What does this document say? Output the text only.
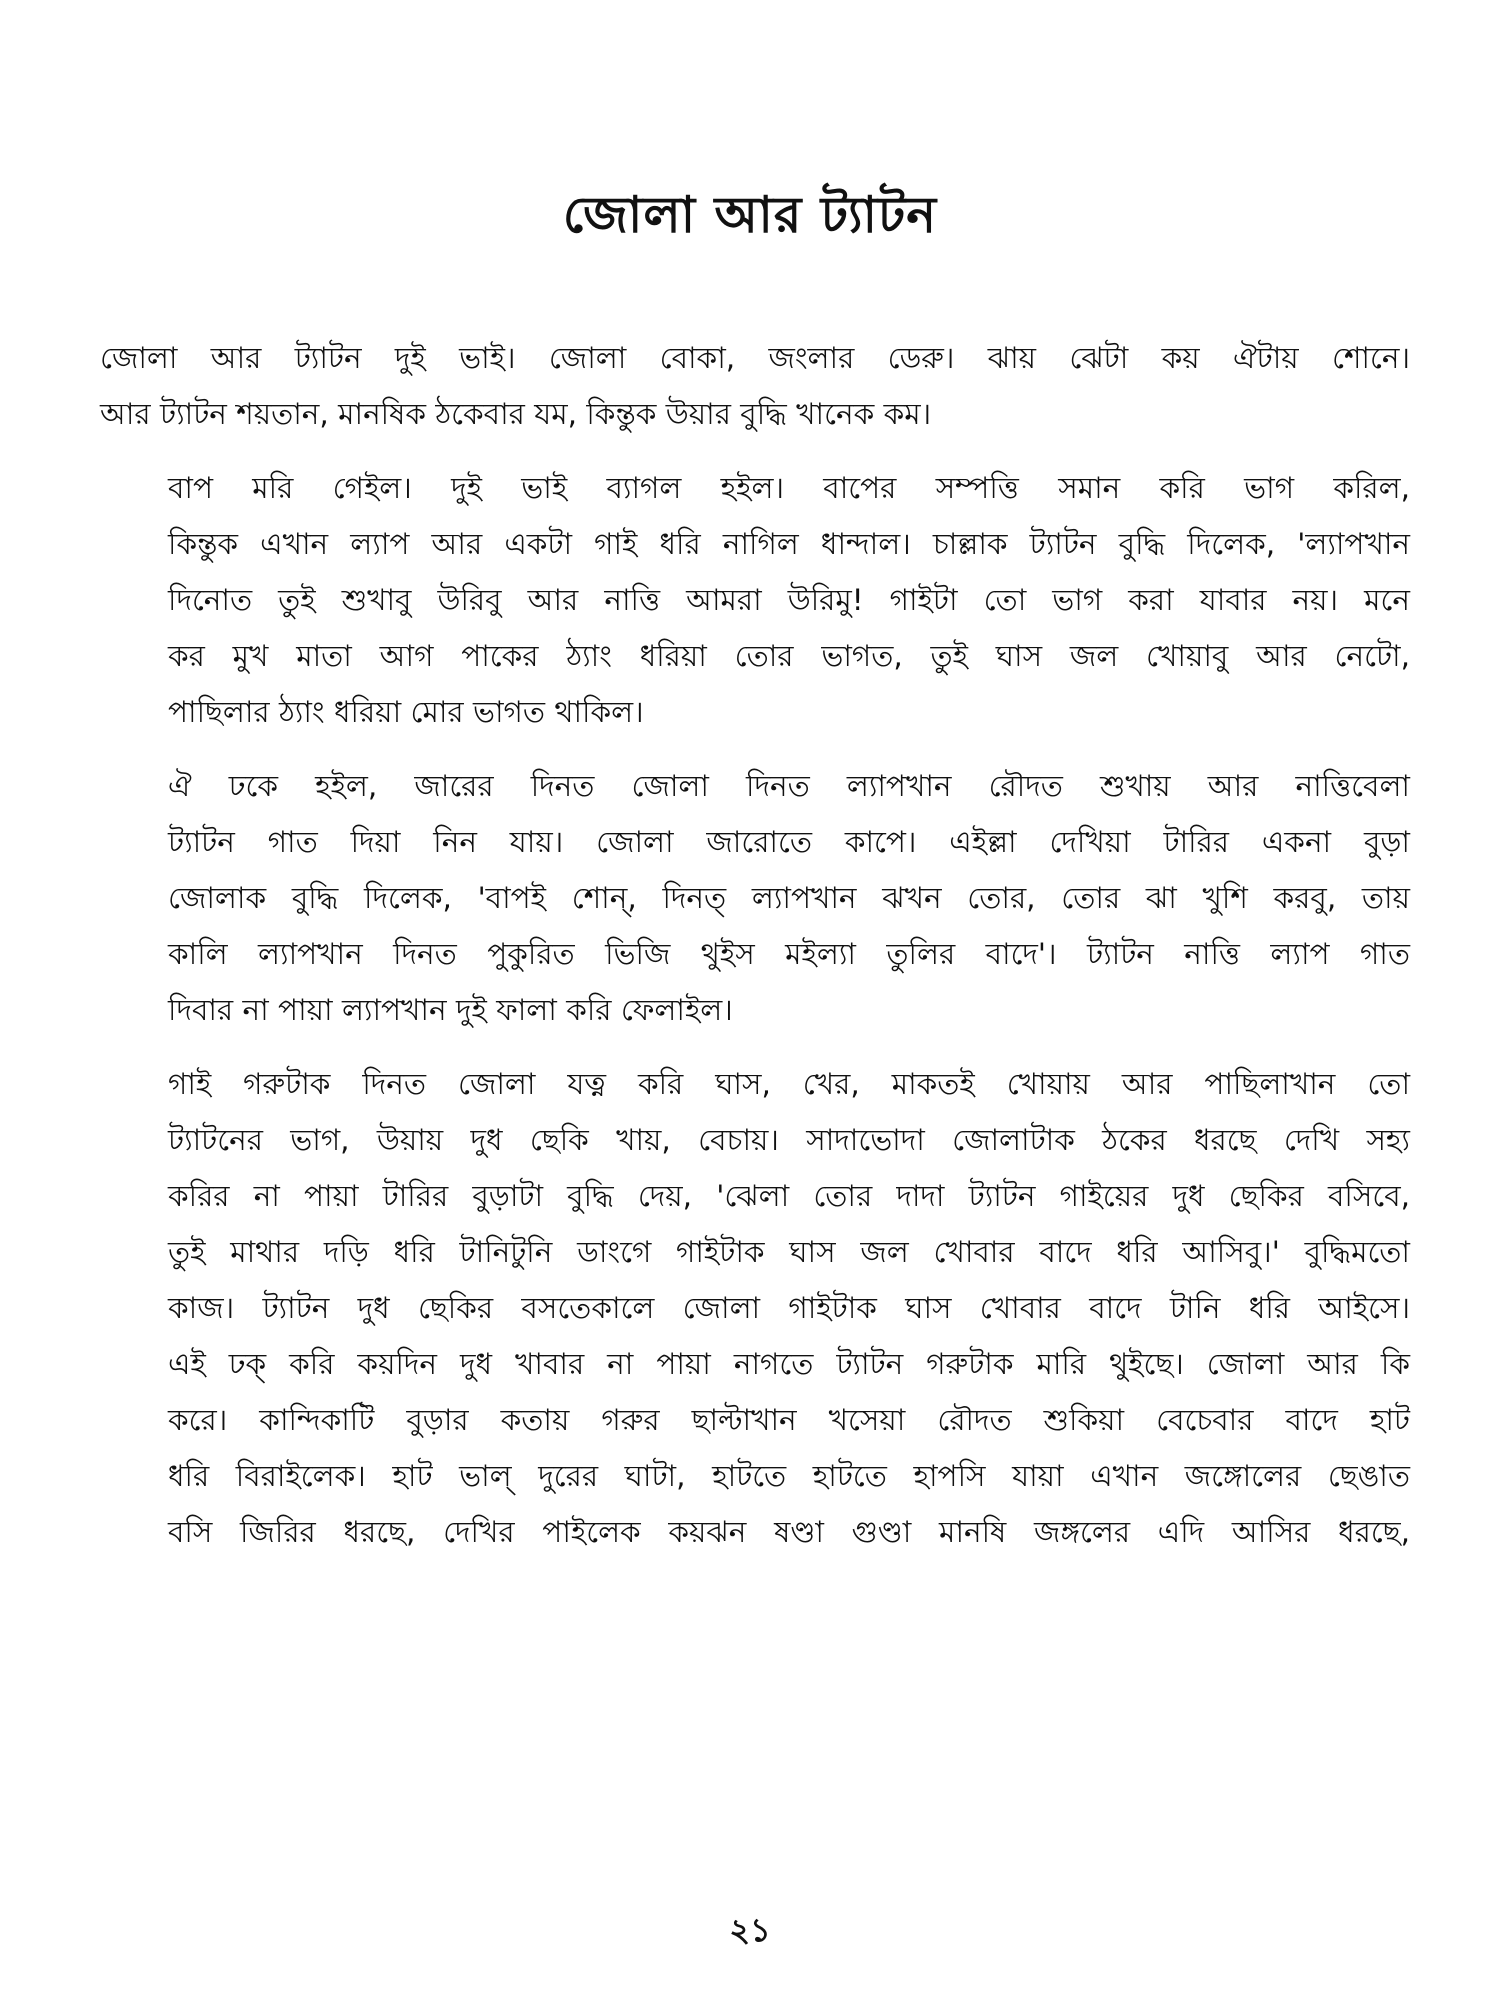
জোলা আর ট্যাটন

জোলা আর ট্যাটন দুই ভাই। জোলা বোকা, জংলার ডেরু। ঝায় ঝেটা কয় ঐটায় শোনে।
আর ট্যাটন শয়তান, মানষিক ঠকেবার যম, কিন্তুক উয়ার বুদ্ধি খানেক কম।

বাপ মরি গেইল। দুই ভাই ব্যাগল হইল। বাপের সম্পত্তি সমান করি ভাগ করিল,
কিন্তুক এখান ল্যাপ আর একটা গাই ধরি নাগিল ধান্দাল। চাল্লাক ট্যাটন বুদ্ধি দিলেক, 'ল্যাপখান
দিনোত তুই শুখাবু উরিবু আর নাত্তি আমরা উরিমু! গাইটা তো ভাগ করা যাবার নয়। মনে
কর মুখ মাতা আগ পাকের ঠ্যাং ধরিয়া তোর ভাগত, তুই ঘাস জল খোয়াবু আর নেটো,
পাছিলার ঠ্যাং ধরিয়া মোর ভাগত থাকিল।

ঐ ঢকে হইল, জারের দিনত জোলা দিনত ল্যাপখান রৌদত শুখায় আর নাত্তিবেলা
ট্যাটন গাত দিয়া নিন যায়। জোলা জারোতে কাপে। এইল্লা দেখিয়া টারির একনা বুড়া
জোলাক বুদ্ধি দিলেক, 'বাপই শোন্, দিনত্ ল্যাপখান ঝখন তোর, তোর ঝা খুশি করবু, তায়
কালি ল্যাপখান দিনত পুকুরিত ভিজি থুইস মইল্যা তুলির বাদে'। ট্যাটন নাত্তি ল্যাপ গাত
দিবার না পায়া ল্যাপখান দুই ফালা করি ফেলাইল।

গাই গরুটাক দিনত জোলা যত্ন করি ঘাস, খের, মাকতই খোয়ায় আর পাছিলাখান তো
ট্যাটনের ভাগ, উয়ায় দুধ ছেকি খায়, বেচায়। সাদাভোদা জোলাটাক ঠকের ধরছে দেখি সহ্য
করির না পায়া টারির বুড়াটা বুদ্ধি দেয়, 'ঝেলা তোর দাদা ট্যাটন গাইয়ের দুধ ছেকির বসিবে,
তুই মাথার দড়ি ধরি টানিটুনি ডাংগে গাইটাক ঘাস জল খোবার বাদে ধরি আসিবু।' বুদ্ধিমতো
কাজ। ট্যাটন দুধ ছেকির বসতেকালে জোলা গাইটাক ঘাস খোবার বাদে টানি ধরি আইসে।
এই ঢক্ করি কয়দিন দুধ খাবার না পায়া নাগতে ট্যাটন গরুটাক মারি থুইছে। জোলা আর কি
করে। কান্দিকাটি বুড়ার কতায় গরুর ছাল্টাখান খসেয়া রৌদত শুকিয়া বেচেবার বাদে হাট
ধরি বিরাইলেক। হাট ভাল্ দুরের ঘাটা, হাটতে হাটতে হাপসি যায়া এখান জঙ্গোলের ছেঙাত
বসি জিরির ধরছে, দেখির পাইলেক কয়ঝন ষণ্ডা গুণ্ডা মানষি জঙ্গলের এদি আসির ধরছে,

২১
